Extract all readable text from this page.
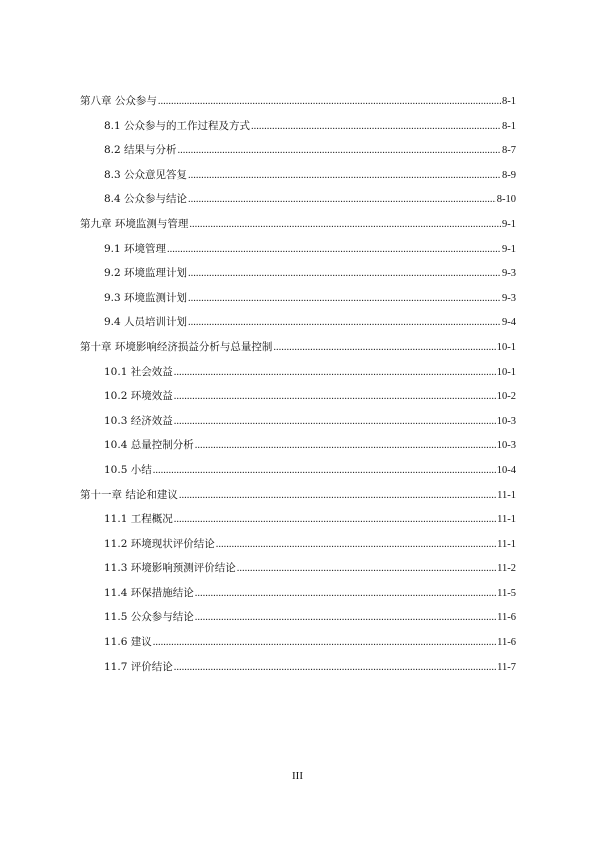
第八章 公众参与 .....	8-1
8.1 公众参与的工作过程及方式 .....	8-1
8.2 结果与分析 .....	8-7
8.3 公众意见答复 .....	8-9
8.4 公众参与结论 .....	8-10
第九章 环境监测与管理 .....	9-1
9.1 环境管理 .....	9-1
9.2 环境监理计划 .....	9-3
9.3 环境监测计划 .....	9-3
9.4 人员培训计划 .....	9-4
第十章 环境影响经济损益分析与总量控制 .....	10-1
10.1 社会效益 .....	10-1
10.2 环境效益 .....	10-2
10.3 经济效益 .....	10-3
10.4 总量控制分析 .....	10-3
10.5 小结 .....	10-4
第十一章 结论和建议 .....	11-1
11.1 工程概况 .....	11-1
11.2 环境现状评价结论 .....	11-1
11.3 环境影响预测评价结论 .....	11-2
11.4 环保措施结论 .....	11-5
11.5 公众参与结论 .....	11-6
11.6 建议 .....	11-6
11.7 评价结论 .....	11-7
III
